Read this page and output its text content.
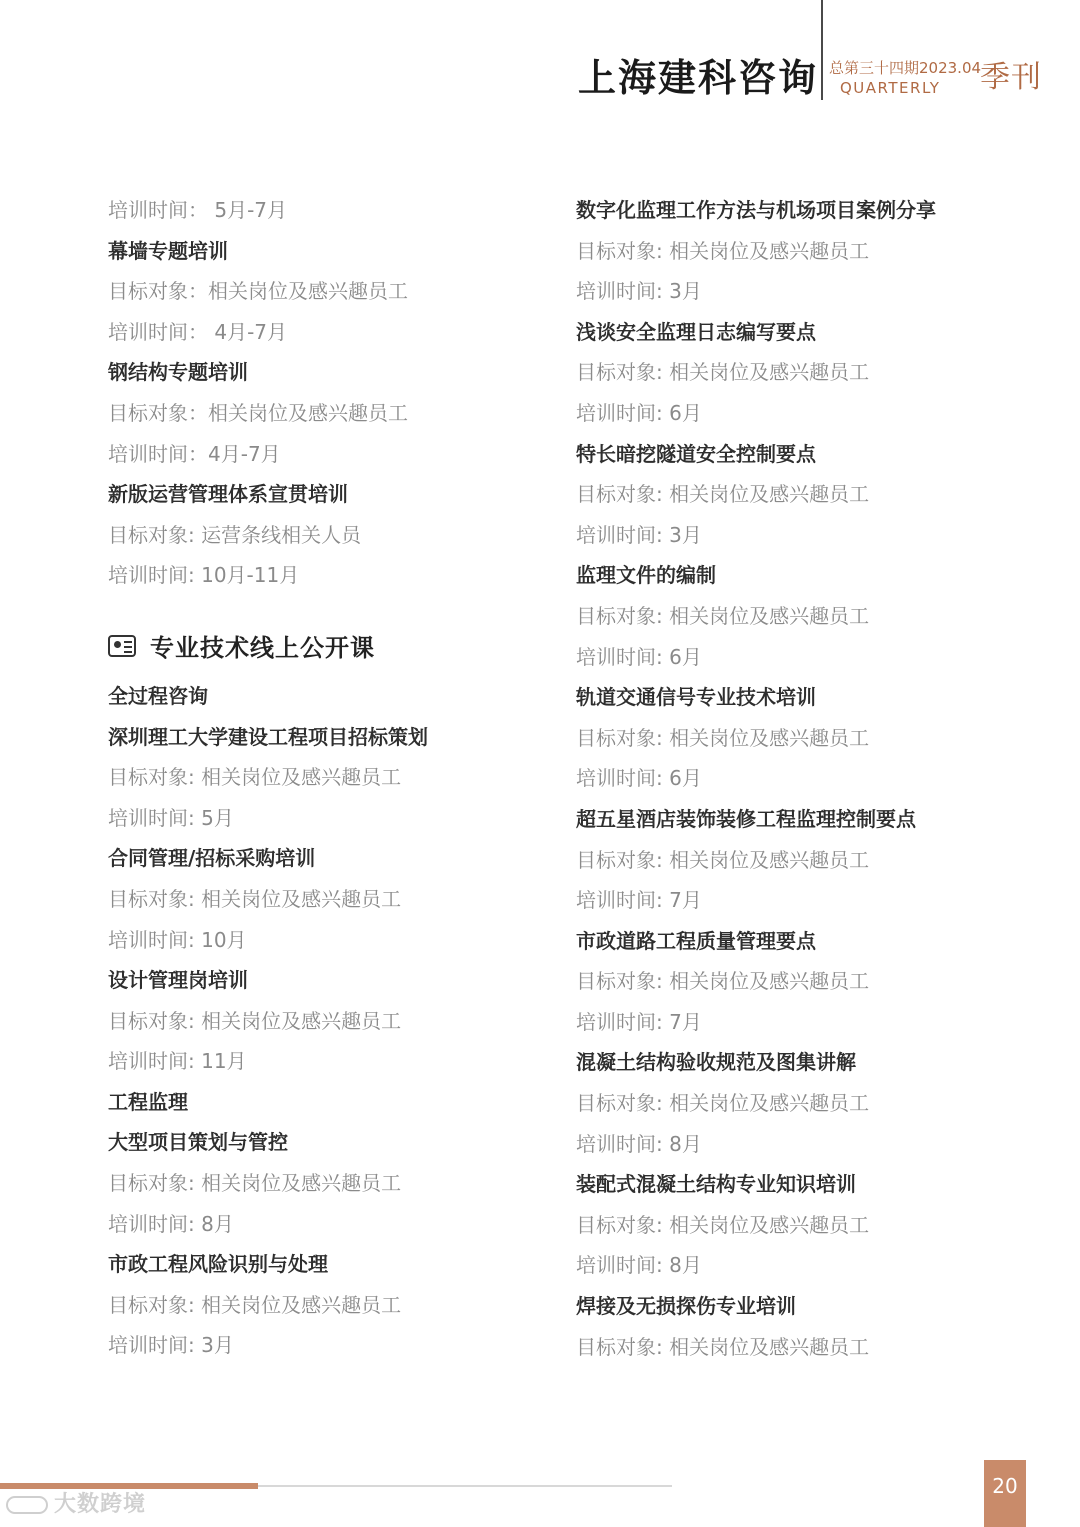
上海建科咨询 总第三十四期2023.04
QUARTERLY 季刊
培训时间： 5月-7月
幕墙专题培训
目标对象：相关岗位及感兴趣员工
培训时间： 4月-7月
钢结构专题培训
目标对象：相关岗位及感兴趣员工
培训时间：4月-7月
新版运营管理体系宣贯培训
目标对象: 运营条线相关人员
培训时间: 10月-11月
专业技术线上公开课
全过程咨询
深圳理工大学建设工程项目招标策划
目标对象: 相关岗位及感兴趣员工
培训时间: 5月
合同管理/招标采购培训
目标对象: 相关岗位及感兴趣员工
培训时间: 10月
设计管理岗培训
目标对象: 相关岗位及感兴趣员工
培训时间: 11月
工程监理
大型项目策划与管控
目标对象: 相关岗位及感兴趣员工
培训时间: 8月
市政工程风险识别与处理
目标对象: 相关岗位及感兴趣员工
培训时间: 3月
数字化监理工作方法与机场项目案例分享
目标对象: 相关岗位及感兴趣员工
培训时间: 3月
浅谈安全监理日志编写要点
目标对象: 相关岗位及感兴趣员工
培训时间: 6月
特长暗挖隧道安全控制要点
目标对象: 相关岗位及感兴趣员工
培训时间: 3月
监理文件的编制
目标对象: 相关岗位及感兴趣员工
培训时间: 6月
轨道交通信号专业技术培训
目标对象: 相关岗位及感兴趣员工
培训时间: 6月
超五星酒店装饰装修工程监理控制要点
目标对象: 相关岗位及感兴趣员工
培训时间: 7月
市政道路工程质量管理要点
目标对象: 相关岗位及感兴趣员工
培训时间: 7月
混凝土结构验收规范及图集讲解
目标对象: 相关岗位及感兴趣员工
培训时间: 8月
装配式混凝土结构专业知识培训
目标对象: 相关岗位及感兴趣员工
培训时间: 8月
焊接及无损探伤专业培训
目标对象: 相关岗位及感兴趣员工
大数跨境
20
